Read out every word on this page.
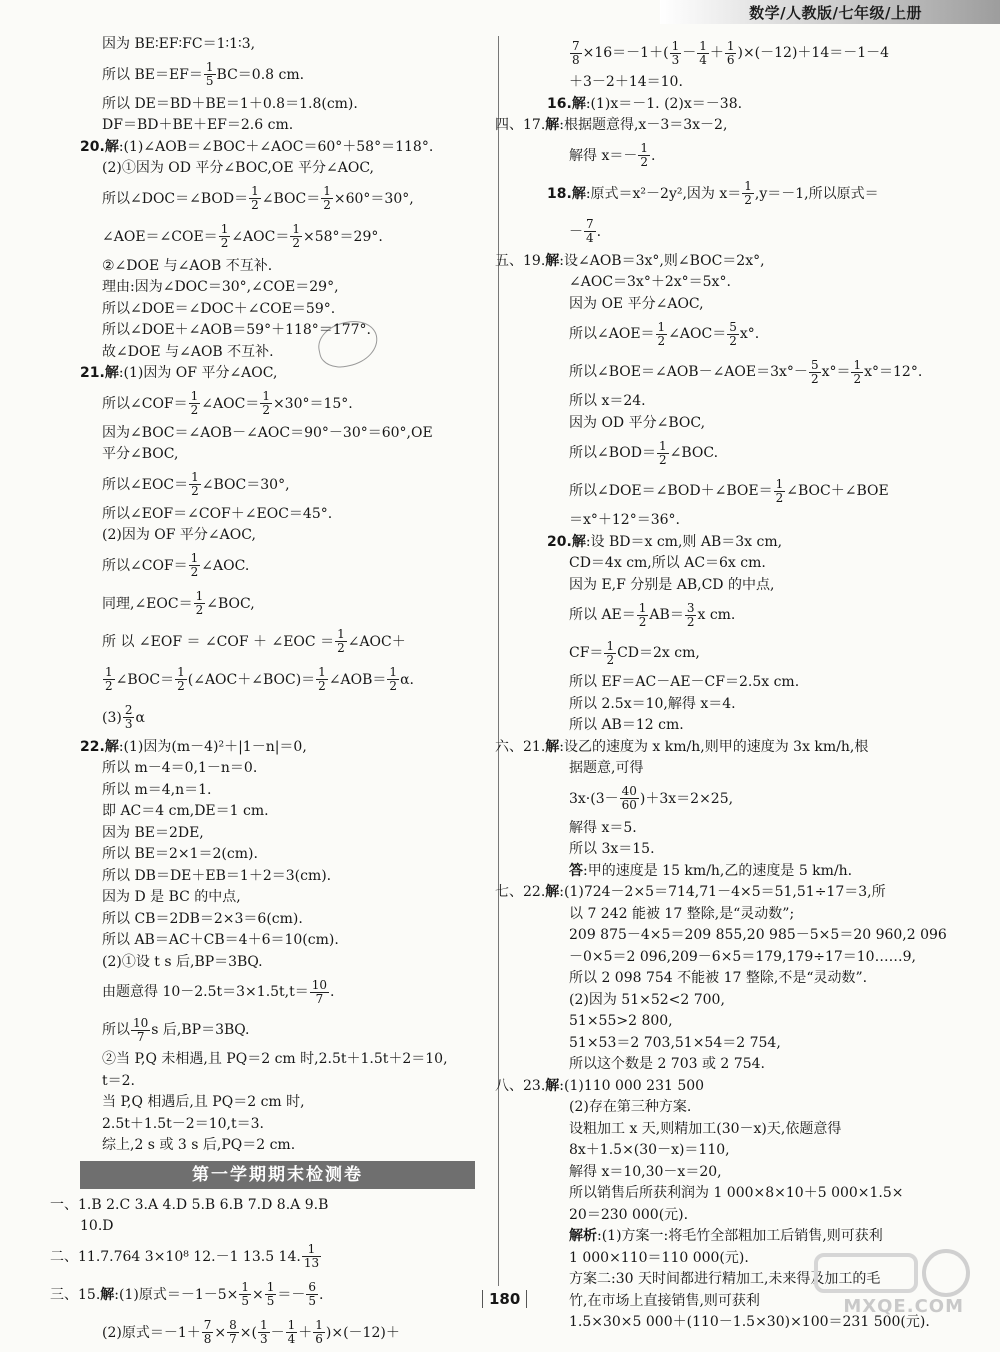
数学/人教版/七年级/上册
因为 BE∶EF∶FC＝1∶1∶3,
所以 $BE=EF= \frac{1}{5} BC=0.8$ cm.
所以 DE＝BD＋BE＝1＋0.8＝1.8(cm).
DF＝BD＋BE＋EF＝2.6 cm.
20.解:(1)∠AOB＝∠BOC＋∠AOC＝60°＋58°＝118°.
(2)①因为 OD 平分∠BOC,OE 平分∠AOC,
所以∠DOC＝∠BOD＝ $\frac{1}{2}$ ∠BOC＝ $\frac{1}{2} \times 60^\circ=30^\circ$,
∠AOE＝∠COE＝ $\frac{1}{2}$ ∠AOC＝ $\frac{1}{2} \times 58^\circ=29^\circ$.
②∠DOE 与∠AOB 不互补.
理由:因为∠DOC＝30°,∠COE＝29°,
所以∠DOE＝∠DOC＋∠COE＝59°.
所以∠DOE＋∠AOB＝59°＋118°＝177°.
故∠DOE 与∠AOB 不互补.
21.解:(1)因为 OF 平分∠AOC,
所以∠COF＝ $\frac{1}{2}$ ∠AOC＝ $\frac{1}{2} \times 30^\circ=15^\circ$.
因为∠BOC＝∠AOB－∠AOC＝90°－30°＝60°,OE
平分∠BOC,
所以∠EOC＝ $\frac{1}{2}$ ∠BOC＝30°,
所以∠EOF＝∠COF＋∠EOC＝45°.
(2)因为 OF 平分∠AOC,
所以∠COF＝ $\frac{1}{2}$ ∠AOC.
同理,∠EOC＝ $\frac{1}{2}$ ∠BOC,
所 以 ∠EOF ＝ ∠COF ＋ ∠EOC ＝ $\frac{1}{2}$ ∠AOC＋
$\frac{1}{2}$ ∠BOC＝ $\frac{1}{2}$ (∠AOC＋∠BOC)＝ $\frac{1}{2}$ ∠AOB＝ $\frac{1}{2} \alpha$.
$(3) \frac{2}{3}$ α
22.解:(1)因为(m－4)²＋|1－n|＝0,
所以 m－4＝0,1－n＝0.
所以 m＝4,n＝1.
即 AC＝4 cm,DE＝1 cm.
因为 BE＝2DE,
所以 BE＝2×1＝2(cm).
所以 DB＝DE＋EB＝1＋2＝3(cm).
因为 D 是 BC 的中点,
所以 CB＝2DB＝2×3＝6(cm).
所以 AB＝AC＋CB＝4＋6＝10(cm).
(2)①设 t s 后,BP＝3BQ.
由题意得 $10-2.5t=3\times 1.5t,t= \frac{10}{7}$ .
所以 $\frac{10}{7}$ s 后,BP＝3BQ.
②当 P,Q 未相遇,且 PQ＝2 cm 时,2.5t＋1.5t＋2＝10,
t＝2.
当 P,Q 相遇后,且 PQ＝2 cm 时,
2.5t＋1.5t－2＝10,t＝3.
综上,2 s 或 3 s 后,PQ＝2 cm.
第一学期期末检测卷
一、1.B 2.C 3.A 4.D 5.B 6.B 7.D 8.A 9.B
10.D
二、11.7.764 3×10⁸ 12.－1 13.5 14. $\frac{1}{13}$
三、15.解:(1)原式$=-1-5\times \frac{1}{5} \times \frac{1}{5} =- \frac{6}{5}$ .
(2)原式$=-1+ \frac{7}{8} \times \frac{8}{7}$ ×( $\frac{1}{3} - \frac{1}{4} + \frac{1}{6} )\times(-12)+$
$\frac{7}{8} \times 16=-1+( \frac{1}{3} - \frac{1}{4} + \frac{1}{6} )\times(-12)+14=-1-4$
＋3－2＋14＝10.
16.解:(1)x＝－1. (2)x＝－38.
四、17.解:根据题意得,x－3＝3x－2,
解得 $x=- \frac{1}{2}$ .
18.解:原式＝x²－2y²,因为 $x= \frac{1}{2} ,y=-1$,所以原式＝
－ $\frac{7}{4}$ .
五、19.解:设∠AOB＝3x°,则∠BOC＝2x°,
∠AOC＝3x°＋2x°＝5x°.
因为 OE 平分∠AOC,
所以∠AOE＝ $\frac{1}{2}$ ∠AOC＝ $\frac{5}{2} x^\circ$.
所以∠BOE＝∠AOB－∠AOE＝3x°－ $\frac{5}{2} x^\circ= \frac{1}{2} x^\circ=12^\circ$.
所以 x＝24.
因为 OD 平分∠BOC,
所以∠BOD＝ $\frac{1}{2}$ ∠BOC.
所以∠DOE＝∠BOD＋∠BOE＝ $\frac{1}{2}$ ∠BOC＋∠BOE
＝x°＋12°＝36°.
20.解:设 BD＝x cm,则 AB＝3x cm,
CD＝4x cm,所以 AC＝6x cm.
因为 E,F 分别是 AB,CD 的中点,
所以 $AE= \frac{1}{2} AB= \frac{3}{2}$ x cm.
$CF= \frac{1}{2} CD=2x$ cm,
所以 EF＝AC－AE－CF＝2.5x cm.
所以 2.5x＝10,解得 x＝4.
所以 AB＝12 cm.
六、21.解:设乙的速度为 x km/h,则甲的速度为 3x km/h,根
据题意,可得
$3x\cdot(3- \frac{40}{60} )+3x=2\times 25$,
解得 x＝5.
所以 3x＝15.
答:甲的速度是 15 km/h,乙的速度是 5 km/h.
七、22.解:(1)724－2×5＝714,71－4×5＝51,51÷17＝3,所
以 7 242 能被 17 整除,是“灵动数”;
209 875－4×5＝209 855,20 985－5×5＝20 960,2 096
－0×5＝2 096,209－6×5＝179,179÷17＝10……9,
所以 2 098 754 不能被 17 整除,不是“灵动数”.
(2)因为 51×52<2 700,
51×55>2 800,
51×53＝2 703,51×54＝2 754,
所以这个数是 2 703 或 2 754.
八、23.解:(1)110 000 231 500
(2)存在第三种方案.
设粗加工 x 天,则精加工(30－x)天,依题意得
8x＋1.5×(30－x)＝110,
解得 x＝10,30－x＝20,
所以销售后所获利润为 1 000×8×10＋5 000×1.5×
20＝230 000(元).
解析:(1)方案一:将毛竹全部粗加工后销售,则可获利
1 000×110＝110 000(元).
方案二:30 天时间都进行精加工,未来得及加工的毛
竹,在市场上直接销售,则可获利
1.5×30×5 000＋(110－1.5×30)×100＝231 500(元).
180	MXQE.COM
